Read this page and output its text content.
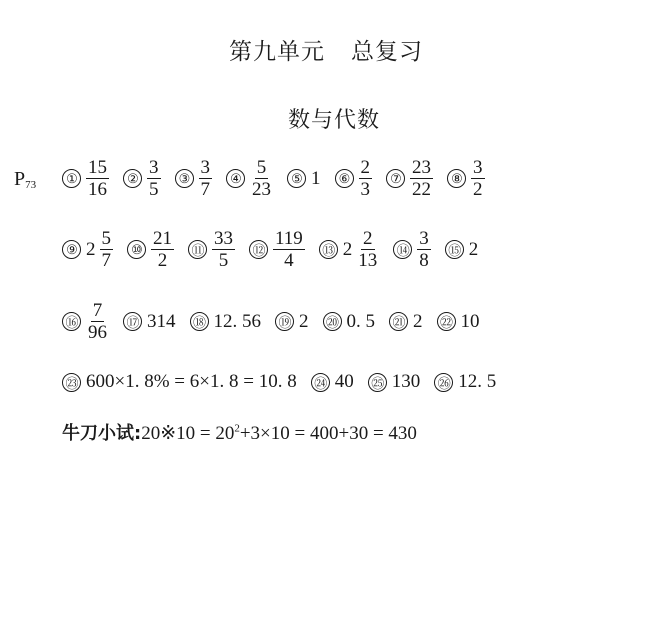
第九单元 总复习
数与代数
$P_{73}$	① $\frac{15}{16}$	② $\frac{3}{5}$	③ $\frac{3}{7}$	④ $\frac{5}{23}$	⑤ 1	⑥ $\frac{2}{3}$	⑦ $\frac{23}{22}$	⑧ $\frac{3}{2}$
⑨ $2 \frac{5}{7}$	⑩ $\frac{21}{2}$ ⑪ $\frac{33}{5}$ ⑫ $\frac{119}{4}$ ⑬ $2 \frac{2}{13}$ ⑭ $\frac{3}{8}$ ⑮ 2
⑯ $\frac{7}{96}$ ⑰ 314 ⑱ 12. 56 ⑲ 2 ⑳ 0. 5 ㉑ 2 ㉒ 10
㉓ 600×1. 8% = 6×1. 8 = 10. 8 ㉔ 40 ㉕ 130 ㉖ 12. 5
牛刀小试: 20※10 = $20^2+3\times 10 = 400+30 = 430$
